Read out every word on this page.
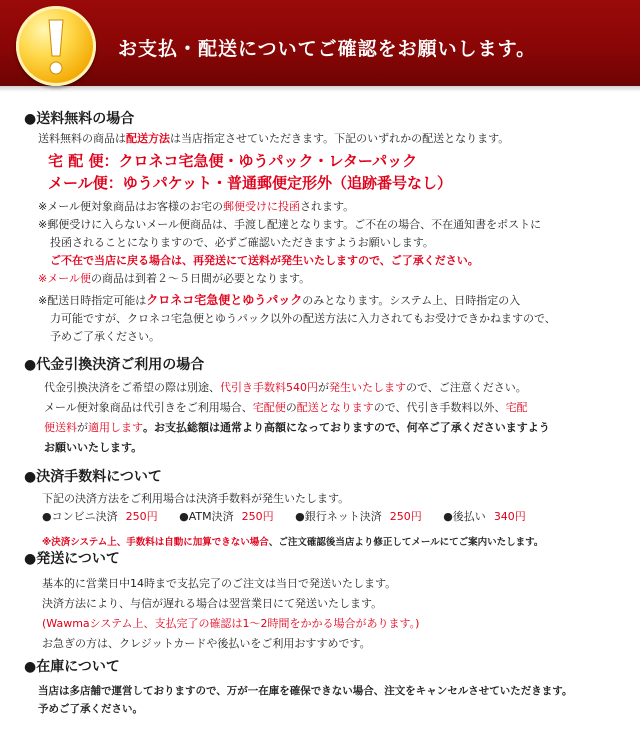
お支払・配送についてご確認をお願いします。

●送料無料の場合

送料無料の商品は配送方法は当店指定させていただきます。下記のいずれかの配送となります。

宅 配 便：クロネコ宅急便・ゆうパック・レターパック
メール便：ゆうパケット・普通郵便定形外（追跡番号なし）

※メール便対象商品はお客様のお宅の郵便受けに投函されます。

※郵便受けに入らないメール便商品は、手渡し配達となります。ご不在の場合、不在通知書をポストに

投函されることになりますので、必ずご確認いただきますようお願いします。

ご不在で当店に戻る場合は、再発送にて送料が発生いたしますので、ご了承ください。

※メール便の商品は到着２～５日間が必要となります。

※配送日時指定可能はクロネコ宅急便とゆうパックのみとなります。システム上、日時指定の入

力可能ですが、クロネコ宅急便とゆうパック以外の配送方法に入力されてもお受けできかねますので、

予めご了承ください。

●代金引換決済ご利用の場合

代金引換決済をご希望の際は別途、代引き手数料540円が発生いたしますので、ご注意ください。

メール便対象商品は代引きをご利用場合、宅配便の配送となりますので、代引き手数料以外、宅配

便送料が適用します。お支払総額は通常より高額になっておりますので、何卒ご了承くださいますよう

お願いいたします。

●決済手数料について

下記の決済方法をご利用場合は決済手数料が発生いたします。

●コンビニ決済 250円 ●ATM決済 250円 ●銀行ネット決済 250円 ●後払い 340円

※決済システム上、手数料は自動に加算できない場合、ご注文確認後当店より修正してメールにてご案内いたします。

●発送について

基本的に営業日中14時まで支払完了のご注文は当日で発送いたします。

決済方法により、与信が遅れる場合は翌営業日にて発送いたします。

(Wawmaシステム上、支払完了の確認は1～2時間をかかる場合があります。)

お急ぎの方は、クレジットカードや後払いをご利用おすすめです。

●在庫について

当店は多店舗で運営しておりますので、万が一在庫を確保できない場合、注文をキャンセルさせていただきます。

予めご了承ください。
